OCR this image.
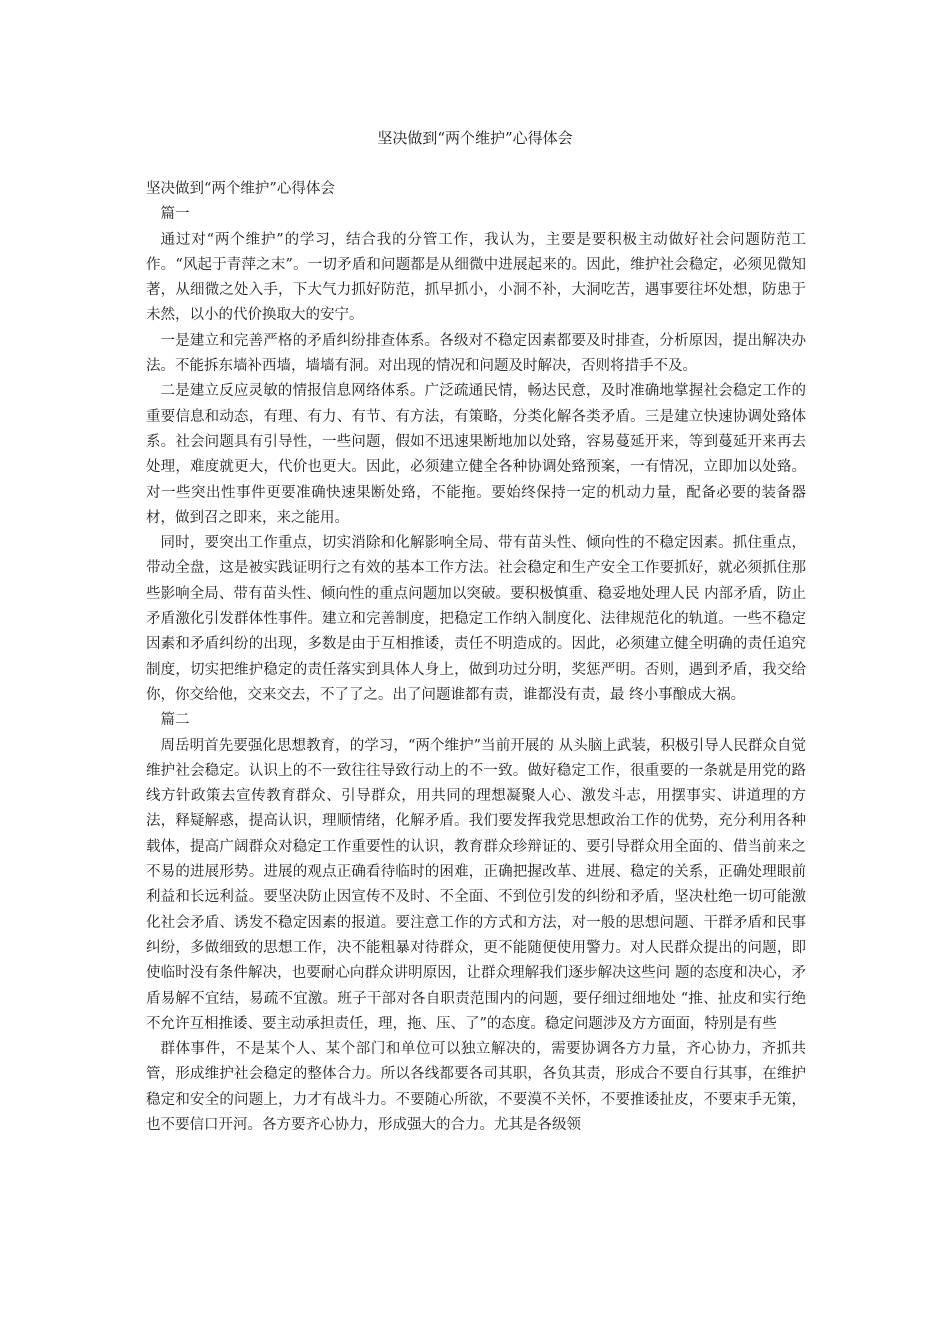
坚决做到“两个维护”心得体会

坚决做到“两个维护”心得体会

篇一

通过对“两个维护”的学习，结合我的分管工作，我认为，主要是要积极主动做好社会问题防范工作。“风起于青萍之末”。一切矛盾和问题都是从细微中进展起来的。因此，维护社会稳定，必须见微知著，从细微之处入手，下大气力抓好防范，抓早抓小，小洞不补，大洞吃苦，遇事要往坏处想，防患于未然，以小的代价换取大的安宁。

一是建立和完善严格的矛盾纠纷排查体系。各级对不稳定因素都要及时排查，分析原因，提出解决办法。不能拆东墙补西墙，墙墙有洞。对出现的情况和问题及时解决，否则将措手不及。

二是建立反应灵敏的情报信息网络体系。广泛疏通民情，畅达民意，及时准确地掌握社会稳定工作的重要信息和动态，有理、有力、有节、有方法，有策略，分类化解各类矛盾。三是建立快速协调处臵体系。社会问题具有引导性，一些问题，假如不迅速果断地加以处臵，容易蔓延开来，等到蔓延开来再去处理，难度就更大，代价也更大。因此，必须建立健全各种协调处臵预案，一有情况，立即加以处臵。对一些突出性事件更要准确快速果断处臵，不能拖。要始终保持一定的机动力量，配备必要的装备器材，做到召之即来，来之能用。

同时，要突出工作重点，切实消除和化解影响全局、带有苗头性、倾向性的不稳定因素。抓住重点，带动全盘，这是被实践证明行之有效的基本工作方法。社会稳定和生产安全工作要抓好，就必须抓住那些影响全局、带有苗头性、倾向性的重点问题加以突破。要积极慎重、稳妥地处理人民 内部矛盾，防止矛盾激化引发群体性事件。建立和完善制度，把稳定工作纳入制度化、法律规范化的轨道。一些不稳定因素和矛盾纠纷的出现，多数是由于互相推诿，责任不明造成的。因此，必须建立健全明确的责任追究制度，切实把维护稳定的责任落实到具体人身上，做到功过分明，奖惩严明。否则，遇到矛盾，我交给你，你交给他，交来交去，不了了之。出了问题谁都有责，谁都没有责，最 终小事酿成大祸。

篇二

周岳明首先要强化思想教育，的学习，“两个维护”当前开展的 从头脑上武装，积极引导人民群众自觉维护社会稳定。认识上的不一致往往导致行动上的不一致。做好稳定工作，很重要的一条就是用党的路线方针政策去宣传教育群众、引导群众，用共同的理想凝聚人心、激发斗志，用摆事实、讲道理的方法，释疑解惑，提高认识，理顺情绪，化解矛盾。我们要发挥我党思想政治工作的优势，充分利用各种载体，提高广阔群众对稳定工作重要性的认识，教育群众珍辩证的、要引导群众用全面的、借当前来之不易的进展形势。进展的观点正确看待临时的困难，正确把握改革、进展、稳定的关系，正确处理眼前利益和长远利益。要坚决防止因宣传不及时、不全面、不到位引发的纠纷和矛盾，坚决杜绝一切可能激化社会矛盾、诱发不稳定因素的报道。要注意工作的方式和方法，对一般的思想问题、干群矛盾和民事纠纷，多做细致的思想工作，决不能粗暴对待群众，更不能随便使用警力。对人民群众提出的问题，即使临时没有条件解决，也要耐心向群众讲明原因，让群众理解我们逐步解决这些问 题的态度和决心，矛盾易解不宜结，易疏不宜激。班子干部对各自职责范围内的问题，要仔细过细地处 “推、扯皮和实行绝不允许互相推诿、要主动承担责任，理，拖、压、了”的态度。稳定问题涉及方方面面，特别是有些

群体事件，不是某个人、某个部门和单位可以独立解决的，需要协调各方力量，齐心协力，齐抓共管，形成维护社会稳定的整体合力。所以各线都要各司其职，各负其责，形成合不要自行其事，在维护稳定和安全的问题上，力才有战斗力。不要随心所欲，不要漠不关怀，不要推诿扯皮，不要束手无策，也不要信口开河。各方要齐心协力，形成强大的合力。尤其是各级领
